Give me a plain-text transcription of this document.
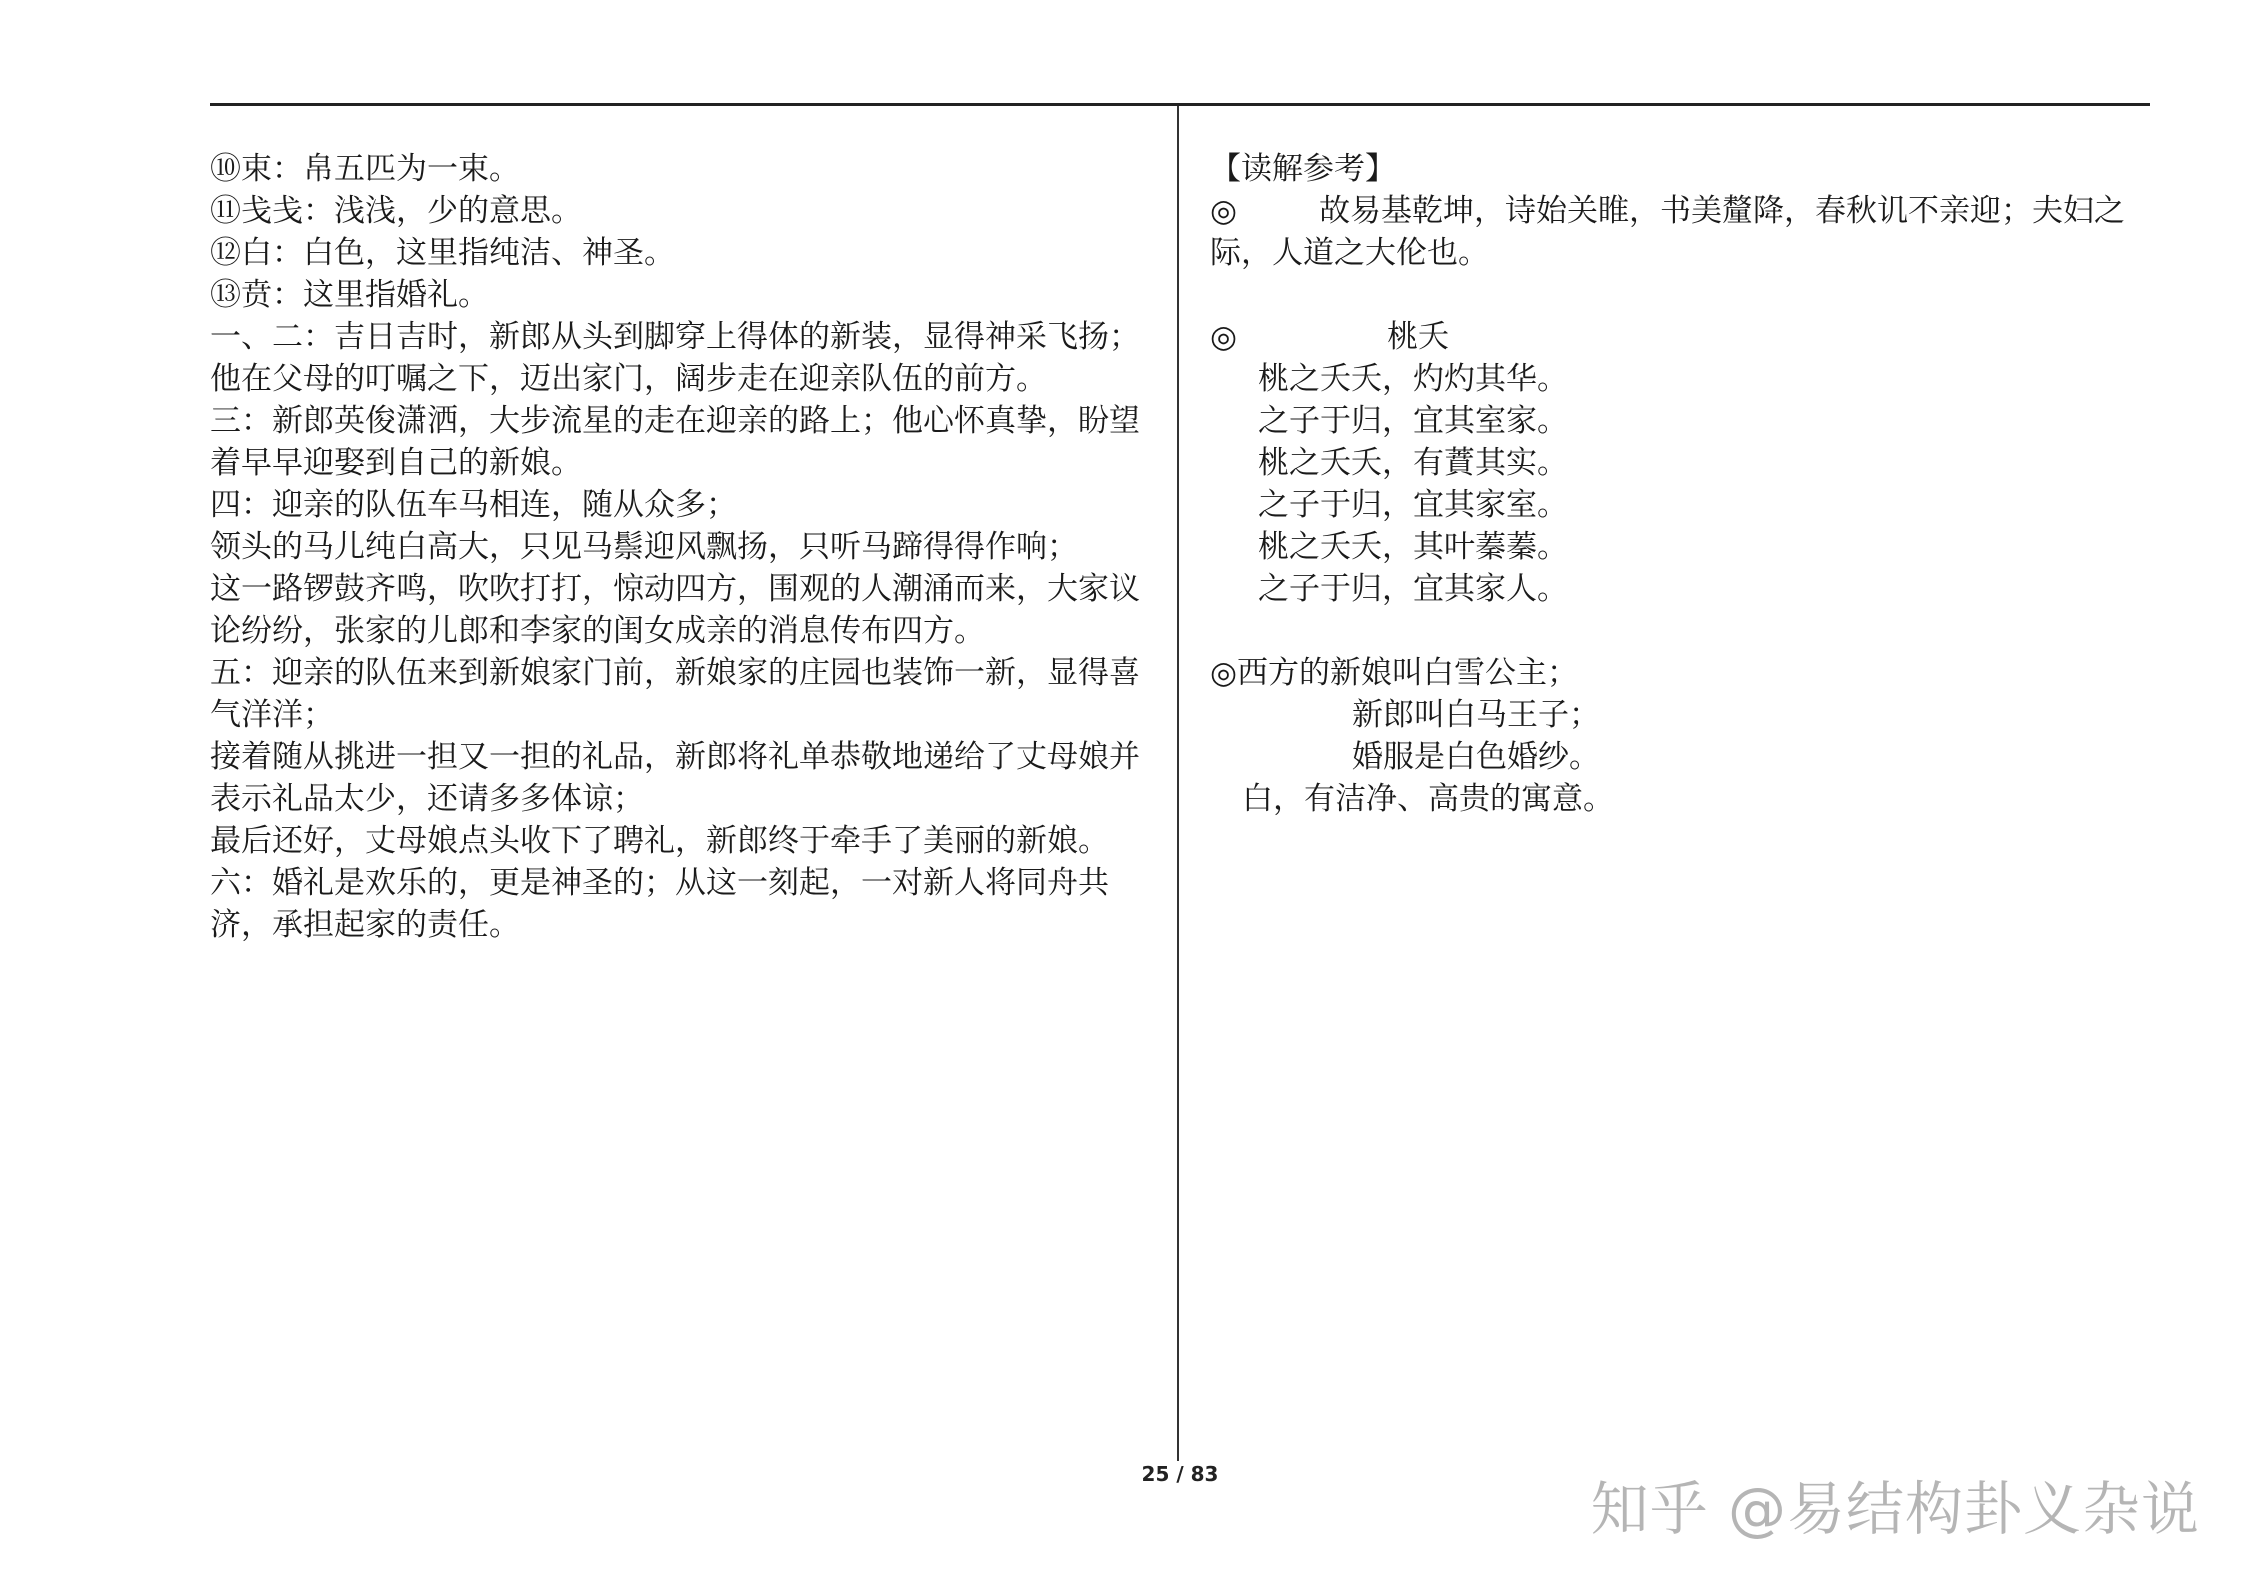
⑩束：帛五匹为一束。

⑪戋戋：浅浅，少的意思。

⑫白：白色，这里指纯洁、神圣。

⑬贲：这里指婚礼。

一、二：吉日吉时，新郎从头到脚穿上得体的新装，显得神采飞扬；他在父母的叮嘱之下，迈出家门，阔步走在迎亲队伍的前方。

三：新郎英俊潇洒，大步流星的走在迎亲的路上；他心怀真挚，盼望着早早迎娶到自己的新娘。

四：迎亲的队伍车马相连，随从众多；

领头的马儿纯白高大，只见马鬃迎风飘扬，只听马蹄得得作响；

这一路锣鼓齐鸣，吹吹打打，惊动四方，围观的人潮涌而来，大家议论纷纷，张家的儿郎和李家的闺女成亲的消息传布四方。

五：迎亲的队伍来到新娘家门前，新娘家的庄园也装饰一新，显得喜气洋洋；

接着随从挑进一担又一担的礼品，新郎将礼单恭敬地递给了丈母娘并表示礼品太少，还请多多体谅；

最后还好，丈母娘点头收下了聘礼，新郎终于牵手了美丽的新娘。

六：婚礼是欢乐的，更是神圣的；从这一刻起，一对新人将同舟共济，承担起家的责任。

【读解参考】

◎	故易基乾坤，诗始关睢，书美釐降，春秋讥不亲迎；夫妇之际，人道之大伦也。

◎	桃夭

桃之夭夭，灼灼其华。

之子于归，宜其室家。

桃之夭夭，有蕡其实。

之子于归，宜其家室。

桃之夭夭，其叶蓁蓁。

之子于归，宜其家人。

◎西方的新娘叫白雪公主；

新郎叫白马王子；

婚服是白色婚纱。

白，有洁净、高贵的寓意。

25 / 83
知乎 @易结构卦义杂说
